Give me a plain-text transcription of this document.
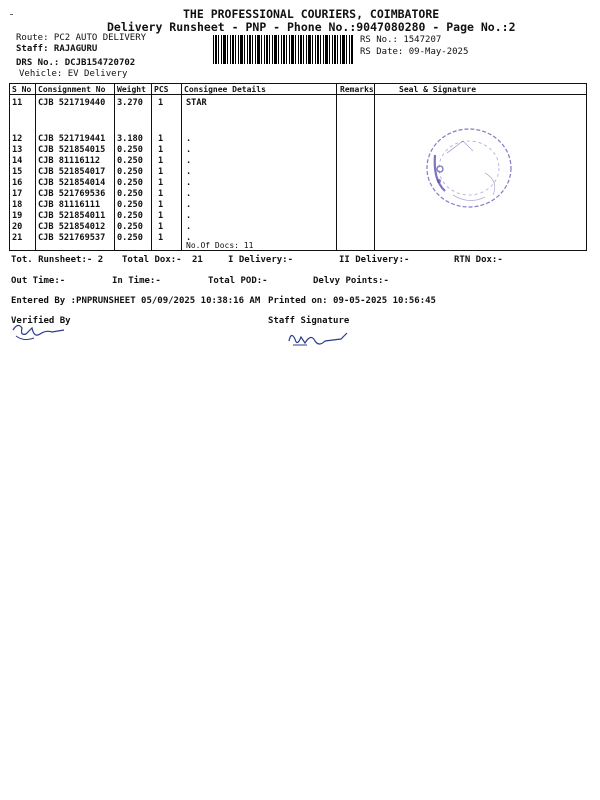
THE PROFESSIONAL COURIERS, COIMBATORE
Delivery Runsheet - PNP - Phone No.:9047080280 - Page No.:2
Route: PC2 AUTO DELIVERY
Staff: RAJAGURU
DRS No.: DCJB154720702
Vehicle: EV Delivery
RS No.: 1547207
RS Date: 09-May-2025
S No Consignment No Weight PCS Consignee Details	Remarks	Seal & Signature
11 CJB 521719440 3.270 1	STAR
12 CJB 521719441 3.180 1	.
13 CJB 521854015 0.250 1	.
14 CJB 81116112 0.250 1	.
15 CJB 521854017 0.250 1	.
16 CJB 521854014 0.250 1	.
17 CJB 521769536 0.250 1	.
18 CJB 81116111 0.250 1	.
19 CJB 521854011 0.250 1	.
20 CJB 521854012 0.250 1	.
21 CJB 521769537 0.250 1	.
No.Of Docs: 11
Tot. Runsheet:- 2 Total Dox:- 21	I Delivery:-	II Delivery:-	RTN Dox:-
Out Time:-	In Time:-	Total POD:-	Delvy Points:-
Entered By :PNPRUNSHEET 05/09/2025 10:38:16 AM Printed on: 09-05-2025 10:56:45
Verified By	Staff Signature
